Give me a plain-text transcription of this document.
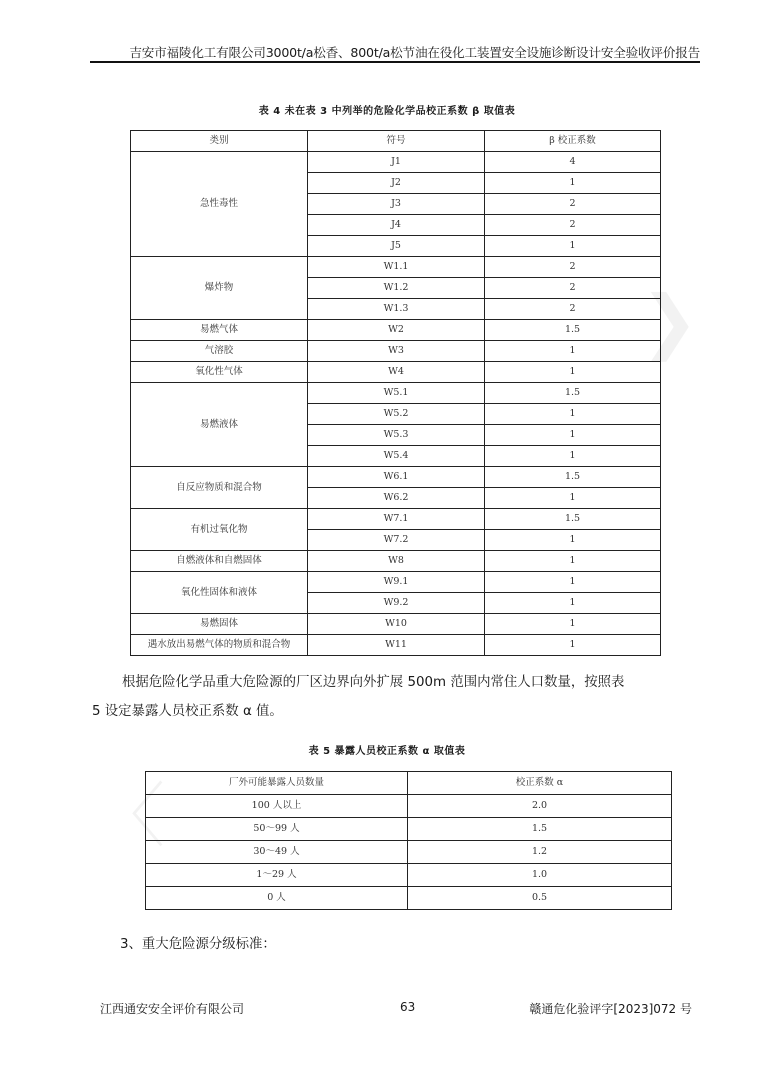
❯
〈
吉安市福陵化工有限公司3000t/a松香、800t/a松节油在役化工装置安全设施诊断设计安全验收评价报告
表 4 未在表 3 中列举的危险化学品校正系数 β 取值表
类别	符号	β 校正系数
急性毒性	J1	4
	J2	1
	J3	2
	J4	2
	J5	1
爆炸物	W1.1	2
	W1.2	2
	W1.3	2
易燃气体	W2	1.5
气溶胶	W3	1
氧化性气体	W4	1
易燃液体	W5.1	1.5
	W5.2	1
	W5.3	1
	W5.4	1
自反应物质和混合物	W6.1	1.5
	W6.2	1
有机过氧化物	W7.1	1.5
	W7.2	1
自燃液体和自燃固体	W8	1
氧化性固体和液体	W9.1	1
	W9.2	1
易燃固体	W10	1
遇水放出易燃气体的物质和混合物	W11	1
根据危险化学品重大危险源的厂区边界向外扩展 500m 范围内常住人口数量，按照表
5 设定暴露人员校正系数 α 值。
表 5 暴露人员校正系数 α 取值表
厂外可能暴露人员数量	校正系数 α
100 人以上	2.0
50～99 人	1.5
30～49 人	1.2
1～29 人	1.0
0 人	0.5
3、重大危险源分级标准：
江西通安安全评价有限公司	63	赣通危化验评字[2023]072 号
